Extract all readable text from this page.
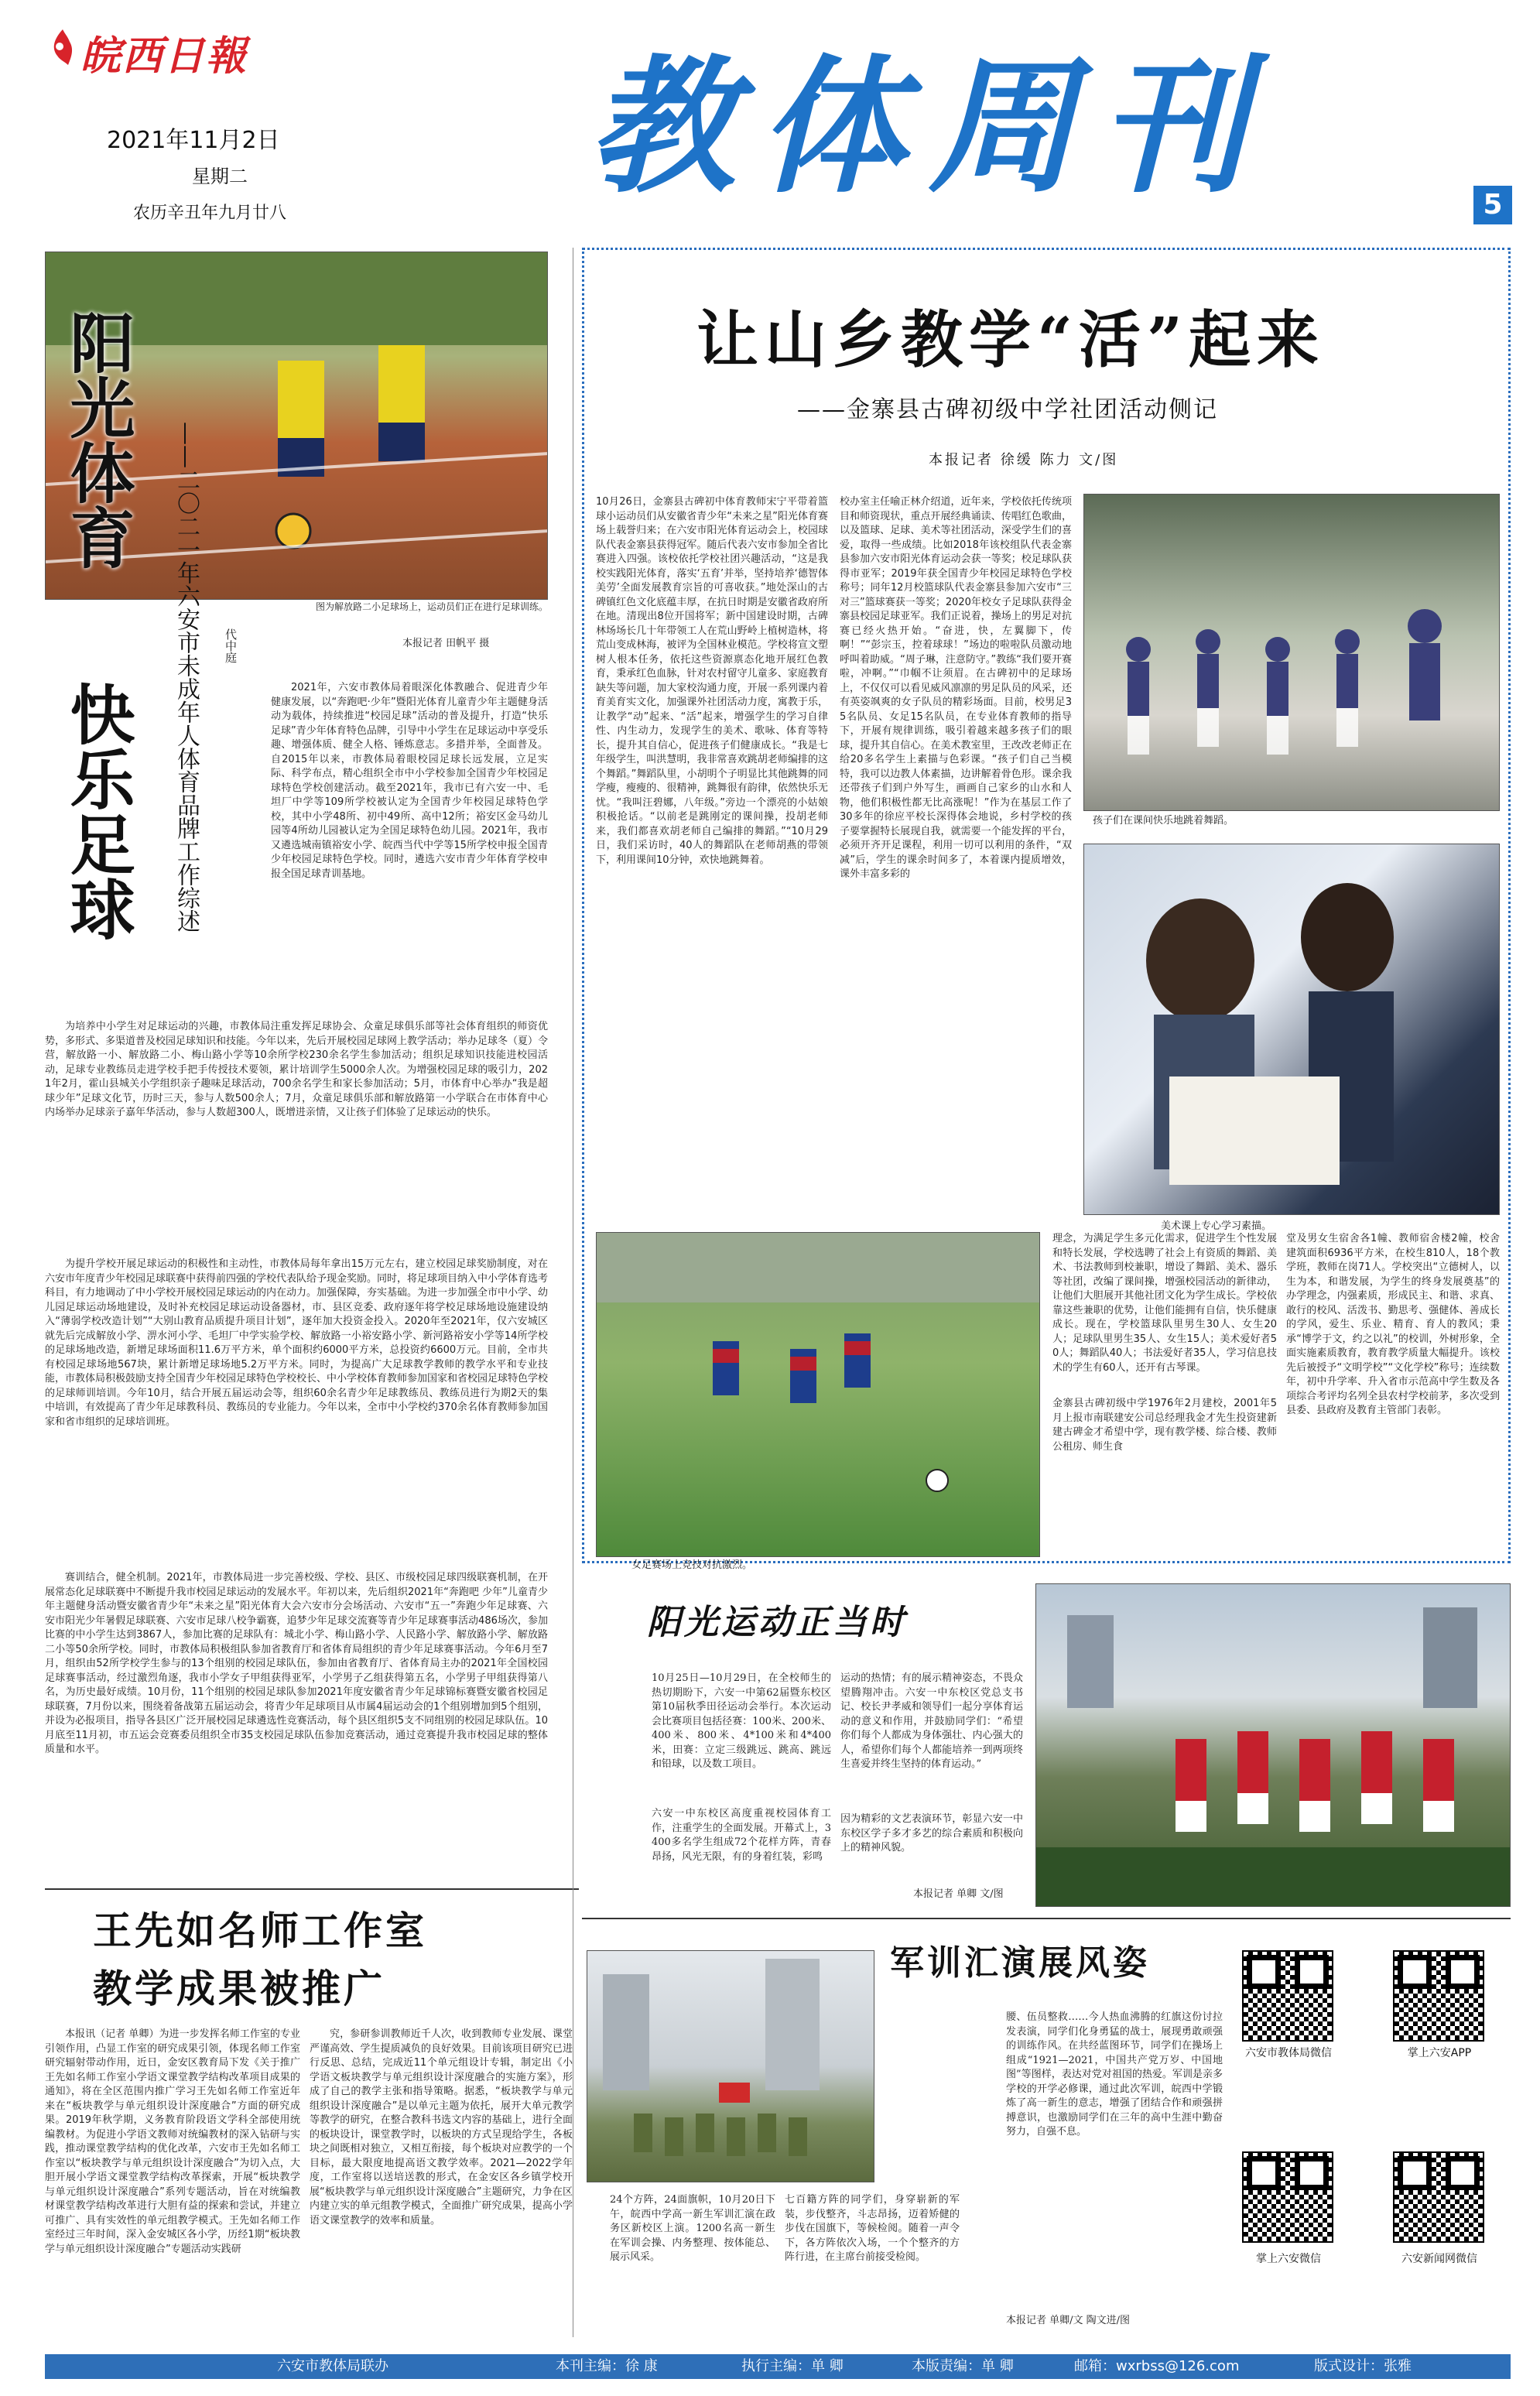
皖西日報
2021年11月2日
星期二
农历辛丑年九月廿八
教体周刊	5
让山乡教学“活”起来
——金寨县古碑初级中学社团活动侧记
本报记者 徐缓 陈力 文/图
10月26日，金寨县古碑初中体育教师宋宁平带着篮球小运动员们从安徽省青少年“未来之星”阳光体育赛场上载誉归来；在六安市阳光体育运动会上，校园球队代表金寨县获得冠军。随后代表六安市参加全省比赛进入四强。该校依托学校社团兴趣活动，“这是我校实践阳光体育，落实‘五育’并举，坚持培养‘德智体美劳’全面发展教育宗旨的可喜收获。”地处深山的古碑镇红色文化底蕴丰厚，在抗日时期是安徽省政府所在地。清现出8位开国将军；新中国建设时期，古碑林场场长几十年带领工人在荒山野岭上植树造林，将荒山变成林海，被评为全国林业模范。学校将宣文塑树人根本任务，依托这些资源禀态化地开展红色教育，秉承红色血脉，针对农村留守儿童多、家庭教育缺失等问题，加大家校沟通力度，开展一系列课内着育美育实文化，加强课外社团活动力度，寓教于乐，让教学“动”起来、“活”起来，增强学生的学习自律性、内生动力，发现学生的美术、歌咏、体育等特长，提升其自信心，促进孩子们健康成长。“我是七年级学生，叫洪慧明，我非常喜欢跳胡老师编排的这个舞蹈。”舞蹈队里，小胡明个子明显比其他跳舞的同学瘦，瘦瘦的、很精神，跳舞很有韵律，依然快乐无忧。“我叫汪碧娜，八年级。”旁边一个漂亮的小姑娘积极抢话。“以前老是跳刚定的课间操，投胡老师来，我们都喜欢胡老师自己编排的舞蹈。”“10月29日，我们采访时，40人的舞蹈队在老师胡燕的带领下，利用课间10分钟，欢快地跳舞着。
校办室主任喻正林介绍道，近年来，学校依托传统项目和师资现状，重点开展经典诵读、传唱红色歌曲，以及篮球、足球、美术等社团活动，深受学生们的喜爱，取得一些成绩。比如2018年该校组队代表金寨县参加六安市阳光体育运动会获一等奖；校足球队获得市亚军；2019年获全国青少年校园足球特色学校称号；同年12月校篮球队代表金寨县参加六安市“三对三”篮球赛获一等奖；2020年校女子足球队获得金寨县校园足球亚军。我们正说着，操场上的男足对抗赛已经火热开始。“奋进，快，左翼脚下，传啊！”“彭宗玉，控着球球！”场边的啦啦队员激动地呼叫着助威。“周子琳，注意防守。”教练“我们要开赛啦，冲啊。”“巾帼不让须眉。在古碑初中的足球场上，不仅仅可以看见威风凛凛的男足队员的风采，还有英姿飒爽的女子队员的精彩场面。目前，校男足35名队员、女足15名队员，在专业体育教师的指导下，开展有规律训练，吸引着越来越多孩子们的眼球，提升其自信心。在美术教室里，王改改老师正在给20多名学生上素描与色彩课。“孩子们自己当模特，我可以边教人体素描，边讲解着骨色形。课余我还带孩子们到户外写生，画画自己家乡的山水和人物，他们积极性都无比高涨呢！”作为在基层工作了30多年的徐应平校长深得体会地说，乡村学校的孩子要掌握特长展现自我，就需要一个能发挥的平台，必须开齐开足课程，利用一切可以利用的条件，“双减”后，学生的课余时间多了，本着课内提质增效，课外丰富多彩的
孩子们在课间快乐地跳着舞蹈。
美术课上专心学习素描。
女足赛场上竞技对抗激烈。
理念，为满足学生多元化需求，促进学生个性发展和特长发展，学校选聘了社会上有资质的舞蹈、美术、书法教师到校兼职，增设了舞蹈、美术、器乐等社团，改编了课间操，增强校园活动的新律动，让他们大胆展开其他社团文化为学生成长。学校依靠这些兼职的优势，让他们能拥有自信，快乐健康成长。现在，学校篮球队里男生30人、女生20人；足球队里男生35人、女生15人；美术爱好者50人；舞蹈队40人；书法爱好者35人，学习信息技术的学生有60人，还开有古琴课。
金寨县古碑初级中学1976年2月建校，2001年5月上报市南联建安公司总经理我金才先生投资建新建古碑金才希望中学，现有教学楼、综合楼、教师公租房、师生食
堂及男女生宿舍各1幢、教师宿舍楼2幢，校舍建筑面积6936平方米，在校生810人，18个教学班，教师在岗71人。学校突出“立德树人，以生为本，和谐发展，为学生的终身发展奠基”的办学理念，内强素质，形成民主、和谐、求真、敢行的校风、活泼书、勤思考、强健体、善成长的学风，爱生、乐业、精育、育人的教风；秉承“博学于文，约之以礼”的校训，外树形象，全面实施素质教育，教育教学质量大幅提升。该校先后被授予“文明学校”“文化学校”称号；连续数年，初中升学率、升入省市示范高中学生数及各项综合考评均名列全县农村学校前茅，多次受到县委、县政府及教育主管部门表彰。
阳光体育
快乐足球	——二〇二一年六安市未成年人体育品牌工作综述	图为解放路二小足球场上，运动员们正在进行足球训练。
本报记者 田帆平 摄
代中庭
2021年，六安市教体局着眼深化体教融合、促进青少年健康发展，以“奔跑吧·少年”暨阳光体育儿童青少年主题健身活动为载体，持续推进“校园足球”活动的普及提升，打造“快乐足球”青少年体育特色品牌，引导中小学生在足球运动中享受乐趣、增强体质、健全人格、锤炼意志。多措并举，全面普及。自2015年以来，市教体局着眼校园足球长远发展，立足实际、科学布点，精心组织全市中小学校参加全国青少年校园足球特色学校创建活动。截至2021年，我市已有六安一中、毛坦厂中学等109所学校被认定为全国青少年校园足球特色学校，其中小学48所、初中49所、高中12所；裕安区金马幼儿园等4所幼儿园被认定为全国足球特色幼儿园。2021年，我市又遴选城南镇裕安小学、皖西当代中学等15所学校申报全国青少年校园足球特色学校。同时，遴选六安市青少年体育学校申报全国足球青训基地。
为培养中小学生对足球运动的兴趣，市教体局注重发挥足球协会、众童足球俱乐部等社会体育组织的师资优势，多形式、多渠道普及校园足球知识和技能。今年以来，先后开展校园足球网上教学活动；举办足球冬（夏）令营，解放路一小、解放路二小、梅山路小学等10余所学校230余名学生参加活动；组织足球知识技能进校园活动，足球专业教练员走进学校手把手传授技术要领，累计培训学生5000余人次。为增强校园足球的吸引力，2021年2月，霍山县城关小学组织亲子趣味足球活动，700余名学生和家长参加活动；5月，市体育中心举办“我是超球少年”足球文化节，历时三天，参与人数500余人；7月，众童足球俱乐部和解放路第一小学联合在市体育中心内场举办足球亲子嘉年华活动，参与人数超300人，既增进亲情，又让孩子们体验了足球运动的快乐。
为提升学校开展足球运动的积极性和主动性，市教体局每年拿出15万元左右，建立校园足球奖励制度，对在六安市年度青少年校园足球联赛中获得前四强的学校代表队给予现金奖励。同时，将足球项目纳入中小学体育选考科目，有力地调动了中小学校开展校园足球运动的内在动力。加强保障，夯实基础。为进一步加强全市中小学、幼儿园足球运动场地建设，及时补充校园足球运动设备器材，市、县区竞委、政府逐年将学校足球场地设施建设纳入“薄弱学校改造计划”“大别山教育品质提升项目计划”，逐年加大投资金投入。2020年至2021年，仅六安城区就先后完成解放小学、淠水河小学、毛坦厂中学实验学校、解放路一小裕安路小学、新河路裕安小学等14所学校的足球场地改造，新增足球场面积11.6万平方米，单个面积约6000平方米，总投资约6600万元。目前，全市共有校园足球场地567块，累计新增足球场地5.2万平方米。同时，为提高广大足球教学教师的教学水平和专业技能，市教体局积极鼓励支持全国青少年校园足球特色学校校长、中小学校体育教师参加国家和省校园足球特色学校的足球师训培训。今年10月，结合开展五届运动会等，组织60余名青少年足球教练员、教练员进行为期2天的集中培训，有效提高了青少年足球教科员、教练员的专业能力。今年以来，全市中小学校约370余名体育教师参加国家和省市组织的足球培训班。
赛训结合，健全机制。2021年，市教体局进一步完善校级、学校、县区、市级校园足球四级联赛机制，在开展常态化足球联赛中不断提升我市校园足球运动的发展水平。年初以来，先后组织2021年“奔跑吧 少年”儿童青少年主题健身活动暨安徽省青少年“未来之星”阳光体育大会六安市分会场活动、六安市“五一”奔跑少年足球赛、六安市阳光少年暑假足球联赛、六安市足球八校争霸赛，追梦少年足球交流赛等青少年足球赛事活动486场次，参加比赛的中小学生达到3867人，参加比赛的足球队有：城北小学、梅山路小学、人民路小学、解放路小学、解放路二小等50余所学校。同时，市教体局积极组队参加省教育厅和省体育局组织的青少年足球赛事活动。今年6月至7月，组织由52所学校学生参与的13个组别的校园足球队伍，参加由省教育厅、省体育局主办的2021年全国校园足球赛事活动，经过激烈角逐，我市小学女子甲组获得亚军，小学男子乙组获得第五名，小学男子甲组获得第八名，为历史最好成绩。10月份，11个组别的校园足球队参加2021年度安徽省青少年足球锦标赛暨安徽省校园足球联赛，7月份以来，围绕着备战第五届运动会，将青少年足球项目从市属4届运动会的1个组别增加到5个组别，并设为必报项目，指导各县区广泛开展校园足球遴选性竞赛活动，每个县区组织5支不同组别的校园足球队伍。10月底至11月初，市五运会竞赛委员组织全市35支校园足球队伍参加竞赛活动，通过竞赛提升我市校园足球的整体质量和水平。
阳光运动正当时
10月25日—10月29日，在全校师生的热切期盼下，六安一中第62届暨东校区第10届秋季田径运动会举行。本次运动会比赛项目包括径赛：100米、200米、400米、800米、4*100米和4*400米，田赛：立定三级跳远、跳高、跳远和铅球，以及数工项目。
六安一中东校区高度重视校园体育工作，注重学生的全面发展。开幕式上，3400多名学生组成72个花样方阵，青春昂扬，风光无限，有的身着红装，彩鸣
运动的热情；有的展示精神姿态，不畏众望腾翔冲击。六安一中东校区党总支书记、校长尹孝威和领导们一起分享体育运动的意义和作用，并鼓励同学们：“希望你们每个人都成为身体强壮、内心强大的人，希望你们每个人都能培养一到两项终生喜爱并终生坚持的体育运动。”
因为精彩的文艺表演环节，彰显六安一中东校区学子多才多艺的综合素质和积极向上的精神风貌。
本报记者 单卿 文/图
王先如名师工作室
教学成果被推广
本报讯（记者 单卿）为进一步发挥名师工作室的专业引领作用，凸显工作室的研究成果引领，体现名师工作室研究辐射带动作用，近日，金安区教育局下发《关于推广王先如名师工作室小学语文课堂教学结构改革项目成果的通知》，将在全区范围内推广学习王先如名师工作室近年来在“板块教学与单元组织设计深度融合”方面的研究成果。2019年秋学期，义务教育阶段语文学科全部使用统编教材。为促进小学语文教师对统编教材的深入钻研与实践，推动课堂教学结构的优化改革，六安市王先如名师工作室以“板块教学与单元组织设计深度融合”为切入点，大胆开展小学语文课堂教学结构改革探索，开展“板块教学与单元组织设计深度融合”系列专题活动，旨在对统编教材课堂教学结构改革进行大胆有益的探索和尝试，并建立可推广、具有实效性的单元组教学模式。王先如名师工作室经过三年时间，深入金安城区各小学，历经1期“板块教学与单元组织设计深度融合”专题活动实践研
究，参研参训教师近千人次，收到教师专业发展、课堂严谨高效、学生提质减负的良好效果。目前该项目研究已进行反思、总结，完成近11个单元组设计专辑，制定出《小学语文板块教学与单元组织设计深度融合的实施方案》，形成了自己的教学主张和指导策略。据悉，“板块教学与单元组织设计深度融合”是以单元主题为依托，展开大单元教学等教学的研究，在整合教科书选文内容的基础上，进行全面的板块设计，课堂教学时，以板块的方式呈现给学生，各板块之间既相对独立，又相互衔接，每个板块对应教学的一个目标，最大限度地提高语文教学效率。2021—2022学年度，工作室将以送培送教的形式，在金安区各乡镇学校开展“板块教学与单元组织设计深度融合”主题研究，力争在区内建立实的单元组教学模式，全面推广研究成果，提高小学语文课堂教学的效率和质量。
军训汇演展风姿
24个方阵，24面旗帜，10月20日下午，皖西中学高一新生军训汇演在政务区新校区上演。1200名高一新生在军训会操、内务整理、按体能总、展示风采。
七百籍方阵的同学们，身穿崭新的军装，步伐整齐，斗志昂扬，迈着矫健的步伐在国旗下，等候检阅。随着一声令下，各方阵依次入场，一个个整齐的方阵行进，在主席台前接受检阅。
腰、伍员整救……今人热血沸腾的红旗这份讨拉发表演，同学们化身勇猛的战士，展现勇敢顽强的训练作风。在共经蓝图环节，同学们在操场上组成“1921—2021，中国共产党万岁、中国地图”等图样，表达对党对祖国的热爱。军训是亲多学校的开学必修课，通过此次军训，皖西中学锻炼了高一新生的意志，增强了团结合作和顽强拼搏意识，也激励同学们在三年的高中生涯中勤奋努力，自强不息。
本报记者 单卿/文 陶文进/图
六安市教体局微信	掌上六安APP
掌上六安微信	六安新闻网微信
六安市教体局联办	本刊主编：徐 康	执行主编：单 卿	本版责编：单 卿	邮箱：wxrbss@126.com	版式设计：张雅
